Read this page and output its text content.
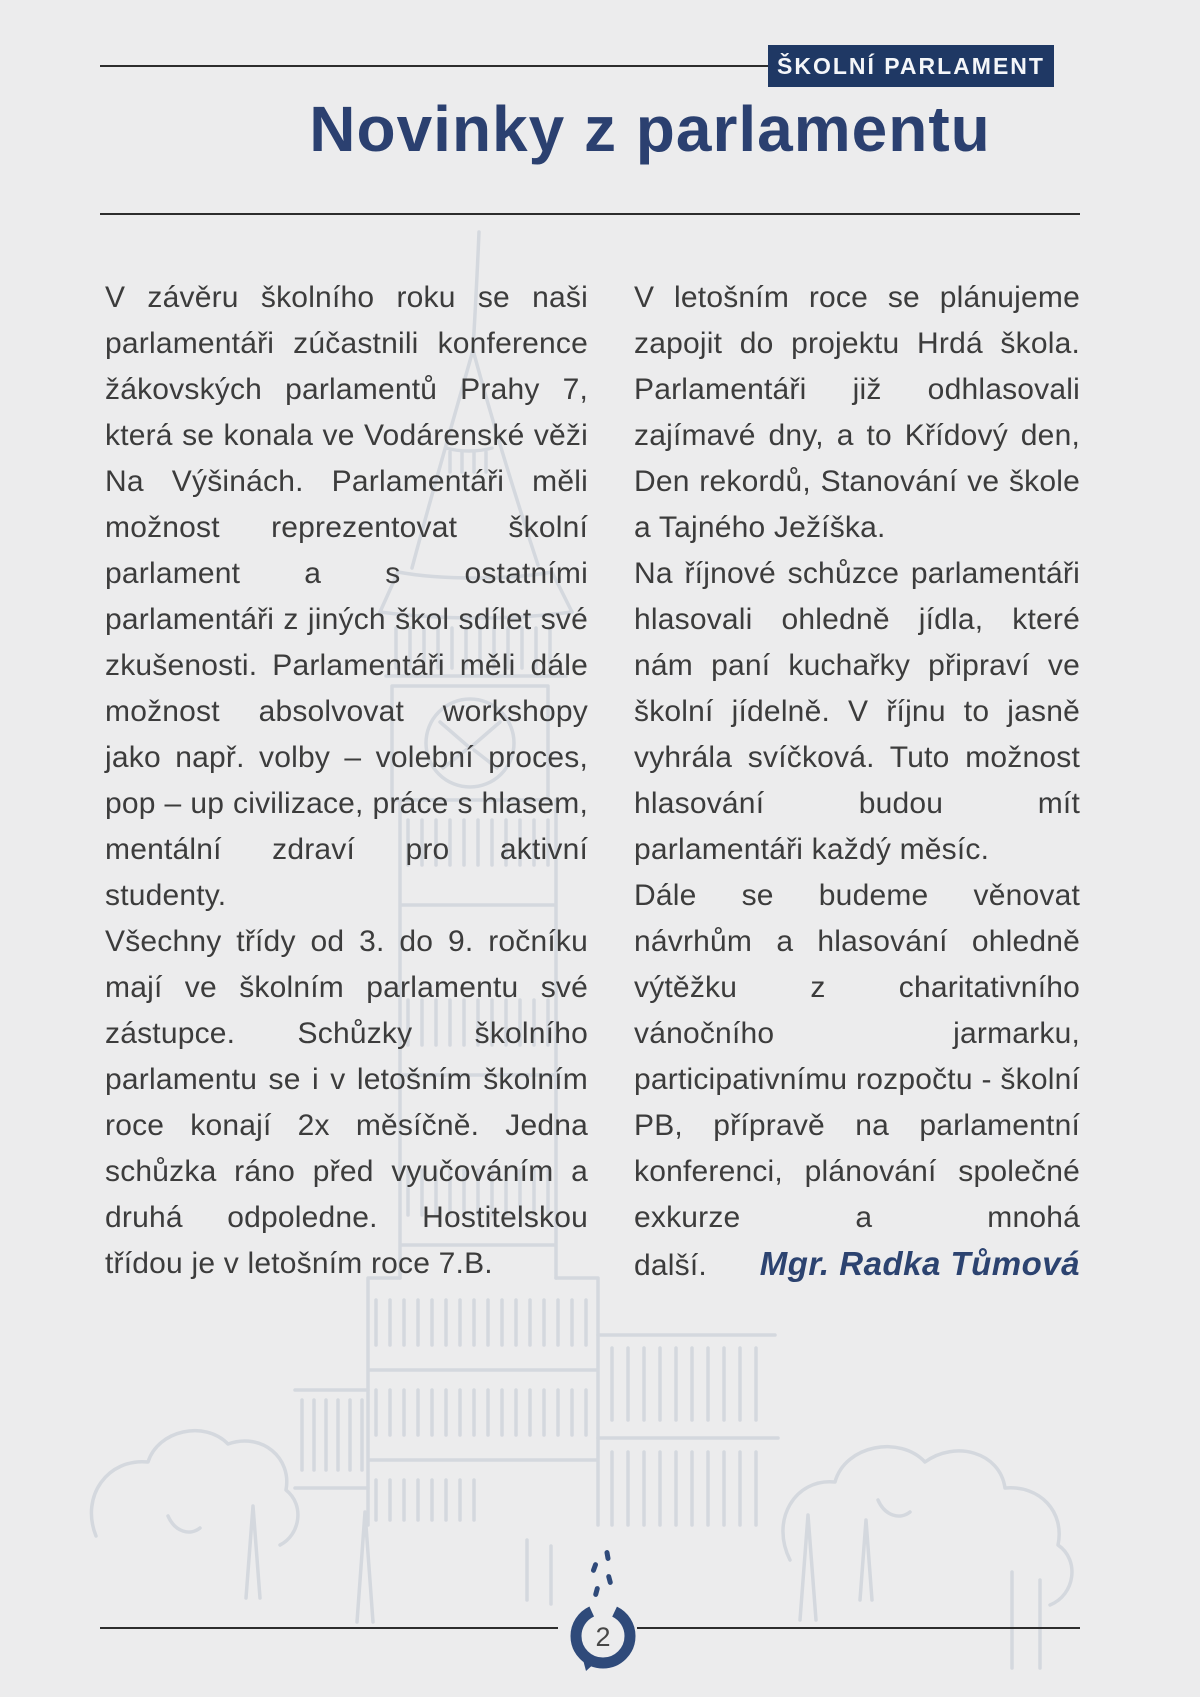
ŠKOLNÍ PARLAMENT
Novinky z parlamentu

V závěru školního roku se naši parlamentáři zúčastnili konference žákovských parlamentů Prahy 7, která se konala ve Vodárenské věži Na Výšinách. Parlamentáři měli možnost reprezentovat školní parlament a s ostatními parlamentáři z jiných škol sdílet své zkušenosti. Parlamentáři měli dále možnost absolvovat workshopy jako např. volby – volební proces, pop – up civilizace, práce s hlasem, mentální zdraví pro aktivní studenty.

Všechny třídy od 3. do 9. ročníku mají ve školním parlamentu své zástupce. Schůzky školního parlamentu se i v letošním školním roce konají 2x měsíčně. Jedna schůzka ráno před vyučováním a druhá odpoledne. Hostitelskou třídou je v letošním roce 7.B.

V letošním roce se plánujeme zapojit do projektu Hrdá škola. Parlamentáři již odhlasovali zajímavé dny, a to Křídový den, Den rekordů, Stanování ve škole a Tajného Ježíška.

Na říjnové schůzce parlamentáři hlasovali ohledně jídla, které nám paní kuchařky připraví ve školní jídelně. V říjnu to jasně vyhrála svíčková. Tuto možnost hlasování budou mít parlamentáři každý měsíc.

Dále se budeme věnovat návrhům a hlasování ohledně výtěžku z charitativního vánočního jarmarku, participativnímu rozpočtu - školní PB, přípravě na parlamentní konferenci, plánování společné exkurze a mnohá

další. Mgr. Radka Tůmová
2
